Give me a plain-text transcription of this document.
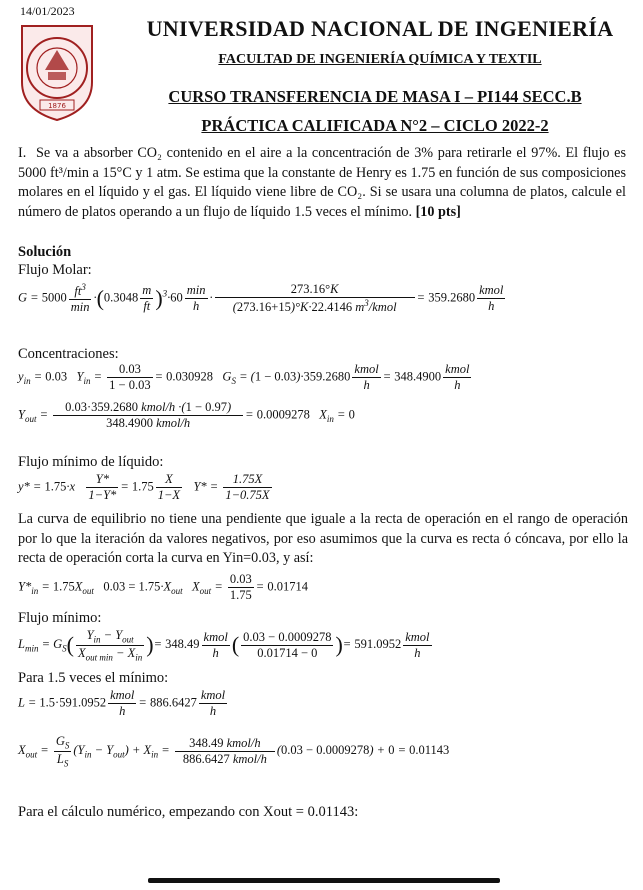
14/01/2023
1876
UNIVERSIDAD NACIONAL DE INGENIERÍA
FACULTAD DE INGENIERÍA QUÍMICA Y TEXTIL
CURSO TRANSFERENCIA DE MASA I – PI144 SECC.B
PRÁCTICA CALIFICADA N°2 – CICLO 2022-2
I. Se va a absorber CO₂ contenido en el aire a la concentración de 3% para retirarle el 97%. El flujo es 5000 ft³/min a 15°C y 1 atm. Se estima que la constante de Henry es 1.75 en función de sus composiciones molares en el líquido y el gas. El líquido viene libre de CO₂. Si se usara una columna de platos, calcule el número de platos operando a un flujo de líquido 1.5 veces el mínimo. [10 pts]
Solución
Flujo Molar:
$G = 5000 \frac{ft^3}{\min} \cdot(0.3048 \frac{m}{ft} )^3\cdot 60 \frac{\min}{h} \cdot \frac{273.16^\circ K}{(273.16+15)^\circ K\cdot 22.4146 m^3/kmol} = 359.2680 \frac{\text{kmol}}{h}$
Concentraciones:
$y_{in} = 0.03$   $Y_{in} = \frac{0.03}{1 - 0.03} = 0.030928$   $G_S = (1 - 0.03)\cdot 359.2680 \frac{\text{kmol}}{h} = 348.4900 \frac{\text{kmol}}{h}$
$Y_{out} = \frac{\text{0.03·359.2680 kmol/h ·(1 − 0.97)}}{\text{348.4900 kmol/h}} = 0.0009278$   $X_{in} = 0$
Flujo mínimo de líquido:
$y* = 1.75\cdot x \frac{Y*}{1-Y*} = 1.75 \frac{X}{1-X} Y* = \frac{1.75X}{1-0.75X}$
La curva de equilibrio no tiene una pendiente que iguale a la recta de operación en el rango de operación por lo que la iteración da valores negativos, por eso asumimos que la curva es recta ó cóncava, por ello la recta de operación corta la curva en Yin=0.03, y así:
$Y*_{in} = 1.75X_{out}$ $0.03 = 1.75\cdot X_{out}$   $X_{out} = \frac{0.03}{1.75} = 0.01714$
Flujo mínimo:
$L_{min} = G_S( \frac{Y_{in} - Y_{out}}{X_{out min} - X_{in}}$ )= $348.49 \frac{\text{kmol}}{h}$ ( $\frac{0.03 - 0.0009278}{0.01714 - 0}$ )= $591.0952 \frac{\text{kmol}}{h}$
Para 1.5 veces el mínimo:
$L = 1.5\cdot 591.0952 \frac{\text{kmol}}{h} = 886.6427 \frac{\text{kmol}}{h}$
$X_{out} = \frac{G_S}{L_S} (Y_{in} - Y_{out}) + X_{in} = \frac{\text{348.49 kmol/h}}{\text{886.6427 kmol/h}} (0.03 - 0.0009278) + 0 = 0.01143$
Para el cálculo numérico, empezando con Xout = 0.01143:
